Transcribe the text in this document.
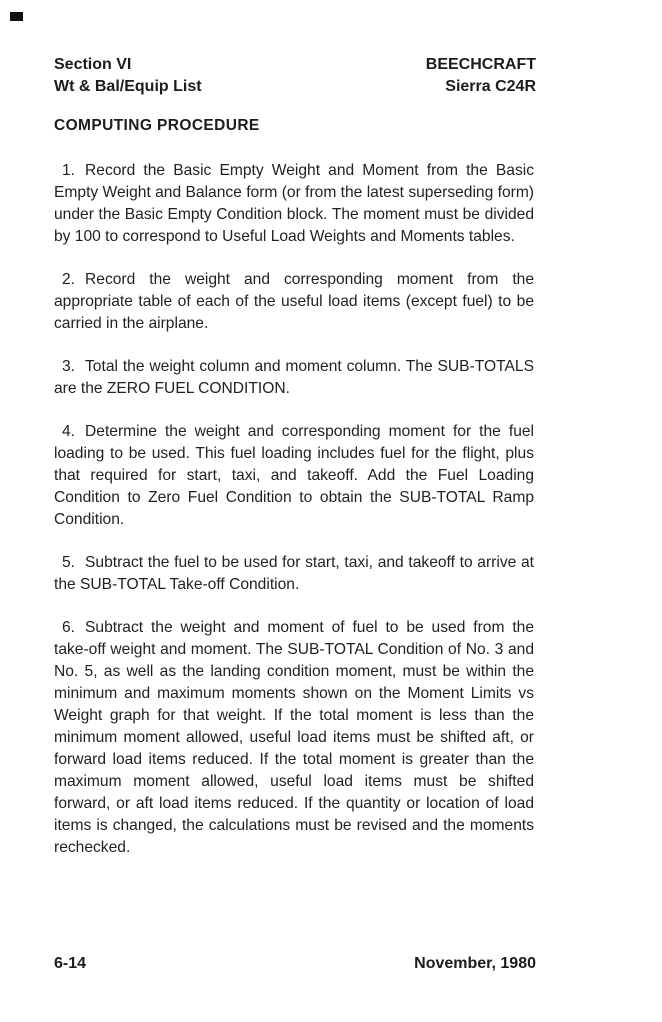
Section VI
Wt & Bal/Equip List
BEECHCRAFT
Sierra C24R
COMPUTING PROCEDURE

1. Record the Basic Empty Weight and Moment from the Basic Empty Weight and Balance form (or from the latest superseding form) under the Basic Empty Condition block. The moment must be divided by 100 to correspond to Useful Load Weights and Moments tables.

2. Record the weight and corresponding moment from the appropriate table of each of the useful load items (except fuel) to be carried in the airplane.

3. Total the weight column and moment column. The SUB-TOTALS are the ZERO FUEL CONDITION.

4. Determine the weight and corresponding moment for the fuel loading to be used. This fuel loading includes fuel for the flight, plus that required for start, taxi, and takeoff. Add the Fuel Loading Condition to Zero Fuel Condition to obtain the SUB-TOTAL Ramp Condition.

5. Subtract the fuel to be used for start, taxi, and takeoff to arrive at the SUB-TOTAL Take-off Condition.

6. Subtract the weight and moment of fuel to be used from the take-off weight and moment. The SUB-TOTAL Condition of No. 3 and No. 5, as well as the landing condition moment, must be within the minimum and maximum moments shown on the Moment Limits vs Weight graph for that weight. If the total moment is less than the minimum moment allowed, useful load items must be shifted aft, or forward load items reduced. If the total moment is greater than the maximum moment allowed, useful load items must be shifted forward, or aft load items reduced. If the quantity or location of load items is changed, the calculations must be revised and the moments rechecked.

6-14	November, 1980
